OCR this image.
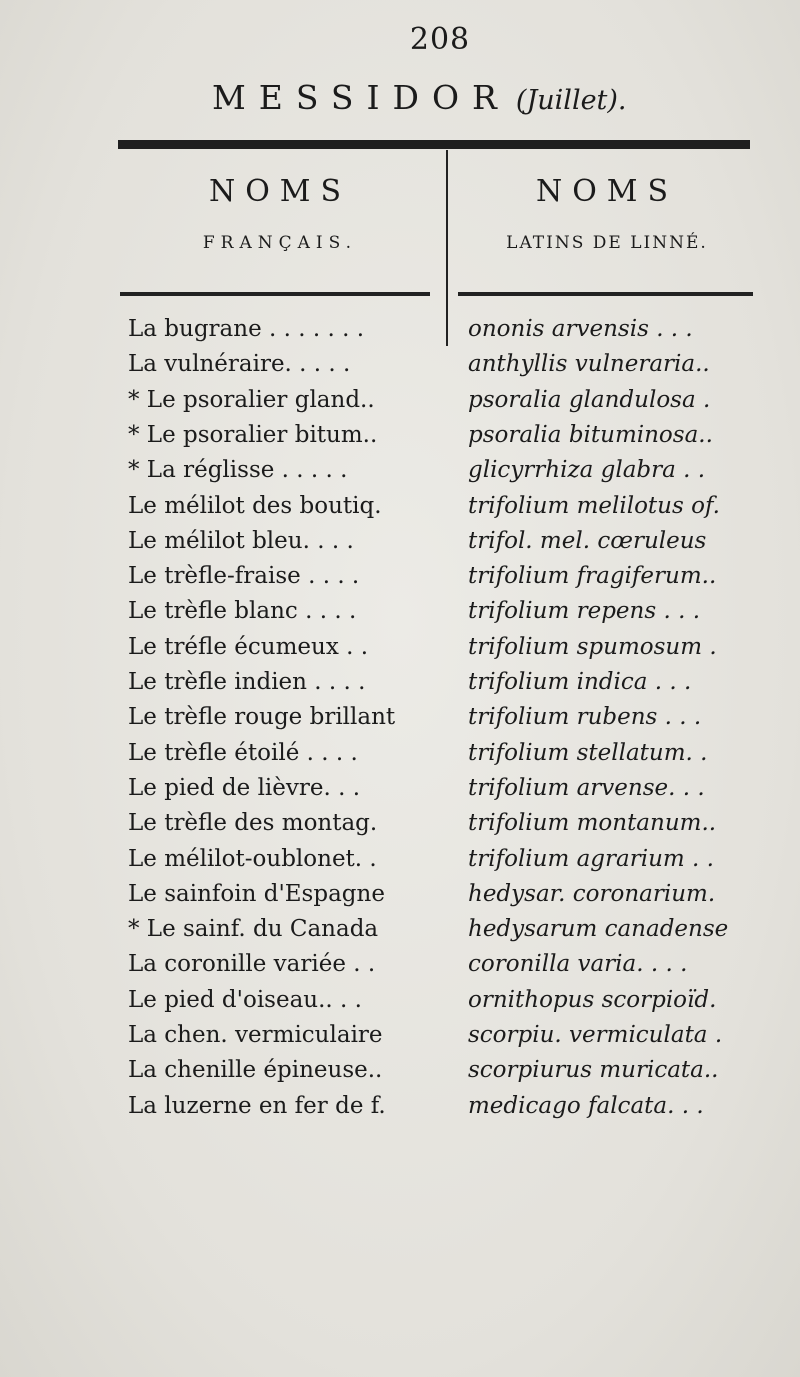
208
MESSIDOR (Juillet).
NOMS
FRANÇAIS.
NOMS
LATINS DE LINNÉ.
La bugrane . . . . . . .	ononis arvensis . . .
La vulnéraire. . . . .	anthyllis vulneraria..
* Le psoralier gland..	psoralia glandulosa .
* Le psoralier bitum..	psoralia bituminosa..
* La réglisse . . . . .	glicyrrhiza glabra . .
Le mélilot des boutiq.	trifolium melilotus of.
Le mélilot bleu. . . .	trifol. mel. cœruleus
Le trèfle-fraise . . . .	trifolium fragiferum..
Le trèfle blanc . . . .	trifolium repens . . .
Le tréfle écumeux . .	trifolium spumosum .
Le trèfle indien . . . .	trifolium indica . . .
Le trèfle rouge brillant	trifolium rubens . . .
Le trèfle étoilé . . . .	trifolium stellatum. .
Le pied de lièvre. . .	trifolium arvense. . .
Le trèfle des montag.	trifolium montanum..
Le mélilot-oublonet. .	trifolium agrarium . .
Le sainfoin d'Espagne	hedysar. coronarium.
* Le sainf. du Canada	hedysarum canadense
La coronille variée . .	coronilla varia. . . .
Le pied d'oiseau.. . .	ornithopus scorpioïd.
La chen. vermiculaire	scorpiu. vermiculata .
La chenille épineuse..	scorpiurus muricata..
La luzerne en fer de f.	medicago falcata. . .
